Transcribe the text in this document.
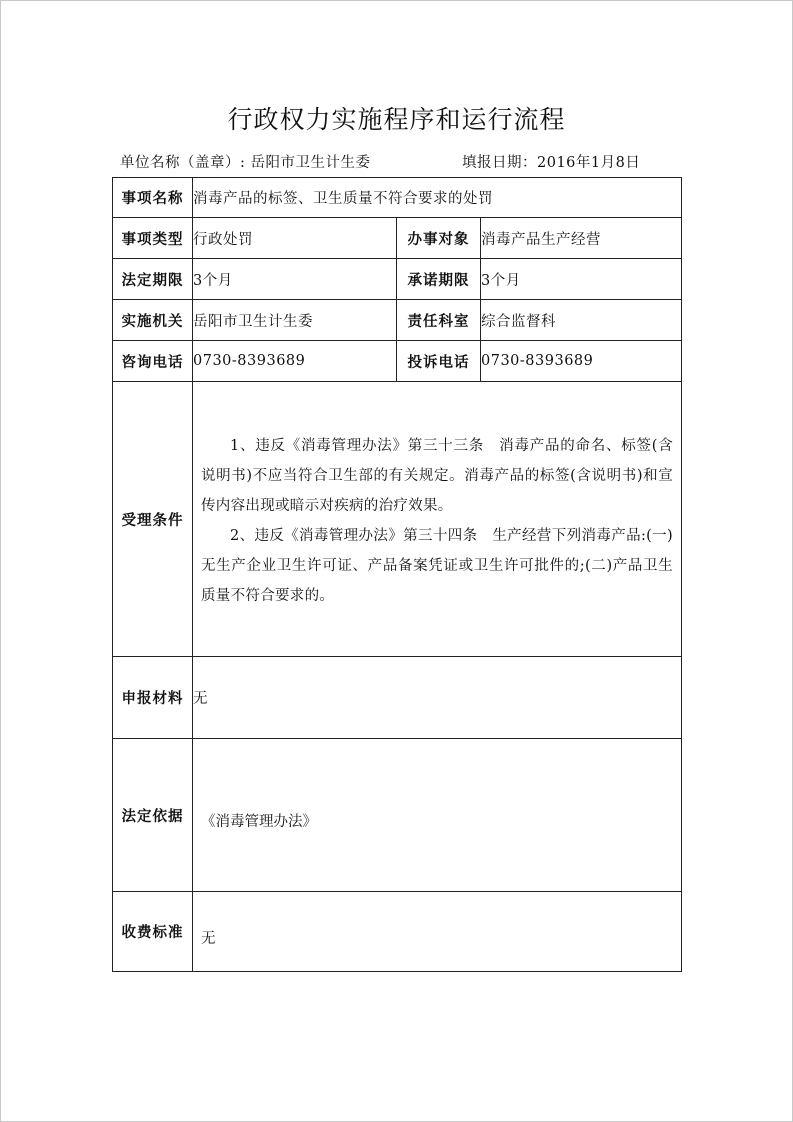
行政权力实施程序和运行流程
单位名称（盖章）: 岳阳市卫生计生委	填报日期：2016年1月8日
事项名称	消毒产品的标签、卫生质量不符合要求的处罚		
事项类型	行政处罚	办事对象	消毒产品生产经营
法定期限	3个月	承诺期限	3个月
实施机关	岳阳市卫生计生委	责任科室	综合监督科
咨询电话	0730-8393689	投诉电话	0730-8393689
受理条件	1、违反《消毒管理办法》第三十三条　消毒产品的命名、标签(含说明书)不应当符合卫生部的有关规定。消毒产品的标签(含说明书)和宣传内容出现或暗示对疾病的治疗效果。

2、违反《消毒管理办法》第三十四条　生产经营下列消毒产品:(一)无生产企业卫生许可证、产品备案凭证或卫生许可批件的;(二)产品卫生质量不符合要求的。		

申报材料	无		
法定依据	《消毒管理办法》		

收费标准	无		
